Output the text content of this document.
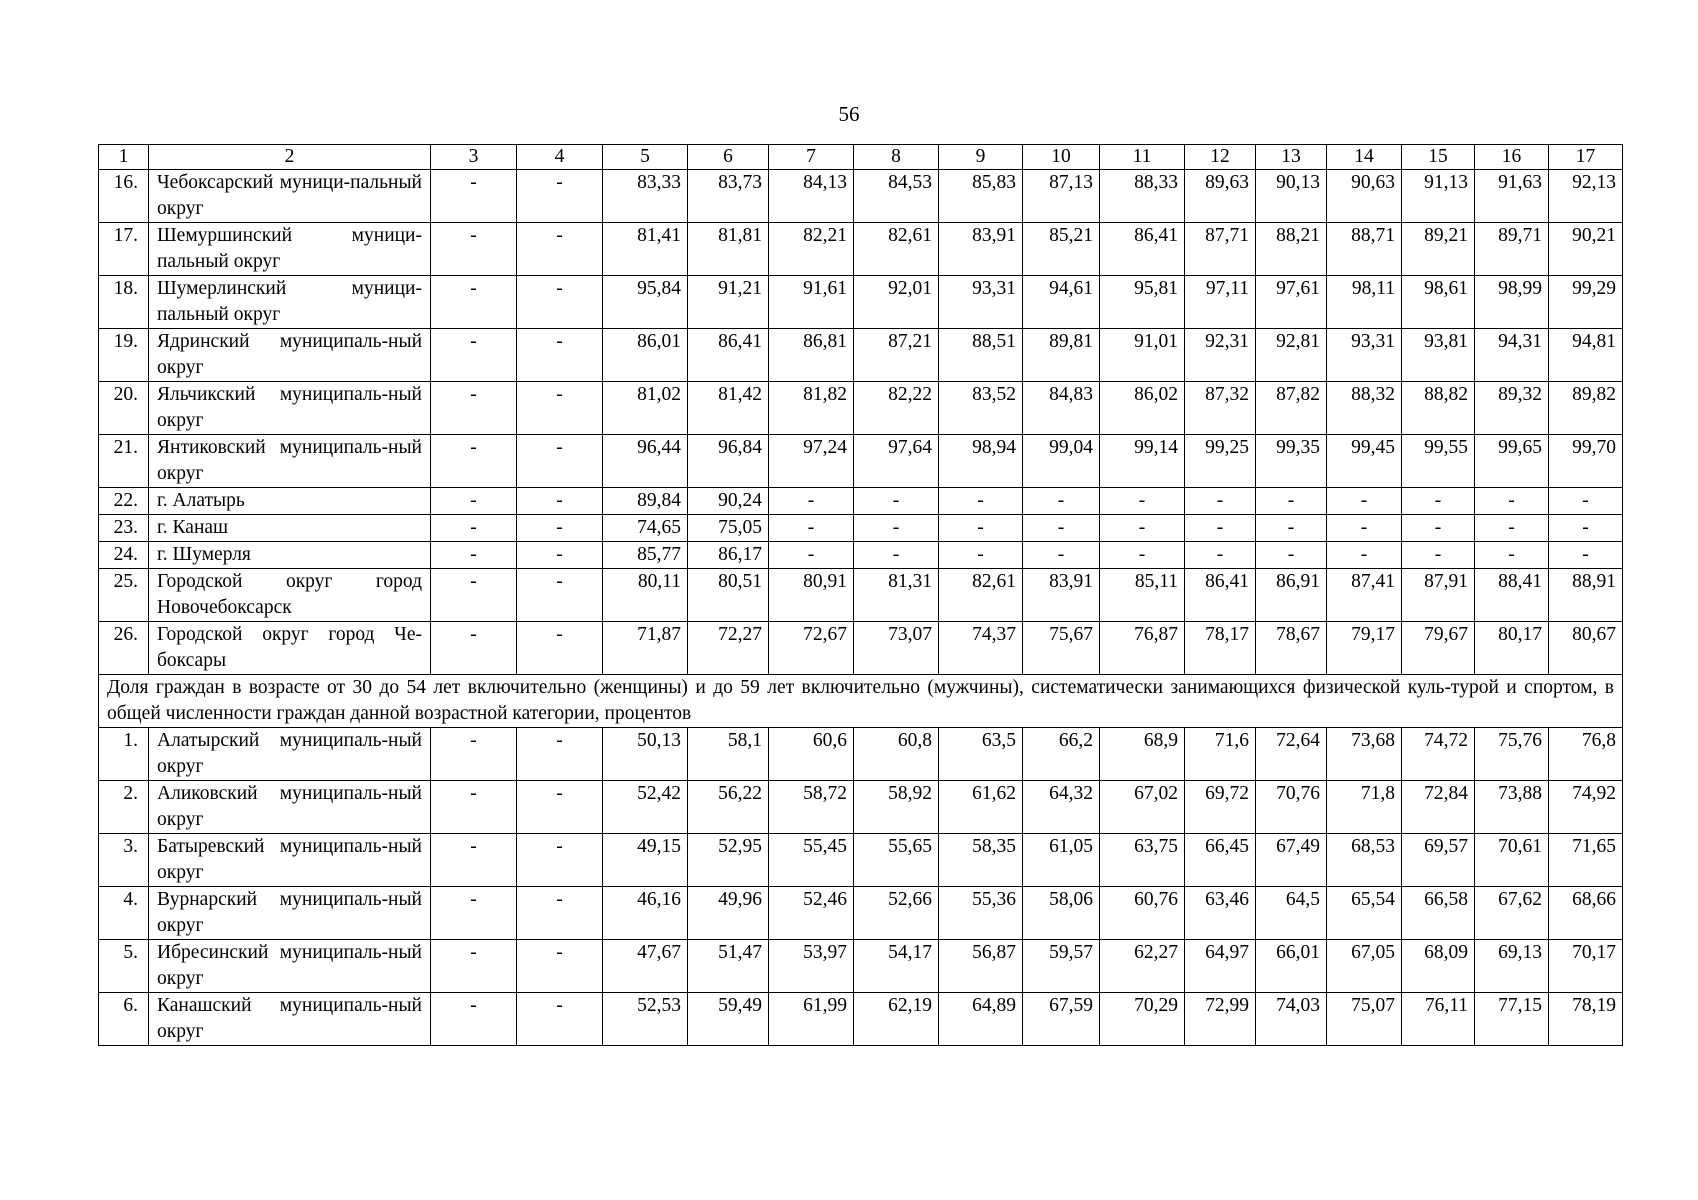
56
1	2	3	4	5	6	7	8	9	10	11	12	13	14	15	16	17
16.	Чебоксарский муници-пальный округ	-	-	83,33	83,73	84,13	84,53	85,83	87,13	88,33	89,63	90,13	90,63	91,13	91,63	92,13
17.	Шемуршинский муници-пальный округ	-	-	81,41	81,81	82,21	82,61	83,91	85,21	86,41	87,71	88,21	88,71	89,21	89,71	90,21
18.	Шумерлинский муници-пальный округ	-	-	95,84	91,21	91,61	92,01	93,31	94,61	95,81	97,11	97,61	98,11	98,61	98,99	99,29
19.	Ядринский муниципаль-ный округ	-	-	86,01	86,41	86,81	87,21	88,51	89,81	91,01	92,31	92,81	93,31	93,81	94,31	94,81
20.	Яльчикский муниципаль-ный округ	-	-	81,02	81,42	81,82	82,22	83,52	84,83	86,02	87,32	87,82	88,32	88,82	89,32	89,82
21.	Янтиковский муниципаль-ный округ	-	-	96,44	96,84	97,24	97,64	98,94	99,04	99,14	99,25	99,35	99,45	99,55	99,65	99,70
22.	г. Алатырь	-	-	89,84	90,24	-	-	-	-	-	-	-	-	-	-	-
23.	г. Канаш	-	-	74,65	75,05	-	-	-	-	-	-	-	-	-	-	-
24.	г. Шумерля	-	-	85,77	86,17	-	-	-	-	-	-	-	-	-	-	-
25.	Городской округ город Новочебоксарск	-	-	80,11	80,51	80,91	81,31	82,61	83,91	85,11	86,41	86,91	87,41	87,91	88,41	88,91
26.	Городской округ город Че-боксары	-	-	71,87	72,27	72,67	73,07	74,37	75,67	76,87	78,17	78,67	79,17	79,67	80,17	80,67
Доля граждан в возрасте от 30 до 54 лет включительно (женщины) и до 59 лет включительно (мужчины), систематически занимающихся физической куль-турой и спортом, в общей численности граждан данной возрастной категории, процентов																
1.	Алатырский муниципаль-ный округ	-	-	50,13	58,1	60,6	60,8	63,5	66,2	68,9	71,6	72,64	73,68	74,72	75,76	76,8
2.	Аликовский муниципаль-ный округ	-	-	52,42	56,22	58,72	58,92	61,62	64,32	67,02	69,72	70,76	71,8	72,84	73,88	74,92
3.	Батыревский муниципаль-ный округ	-	-	49,15	52,95	55,45	55,65	58,35	61,05	63,75	66,45	67,49	68,53	69,57	70,61	71,65
4.	Вурнарский муниципаль-ный округ	-	-	46,16	49,96	52,46	52,66	55,36	58,06	60,76	63,46	64,5	65,54	66,58	67,62	68,66
5.	Ибресинский муниципаль-ный округ	-	-	47,67	51,47	53,97	54,17	56,87	59,57	62,27	64,97	66,01	67,05	68,09	69,13	70,17
6.	Канашский муниципаль-ный округ	-	-	52,53	59,49	61,99	62,19	64,89	67,59	70,29	72,99	74,03	75,07	76,11	77,15	78,19
